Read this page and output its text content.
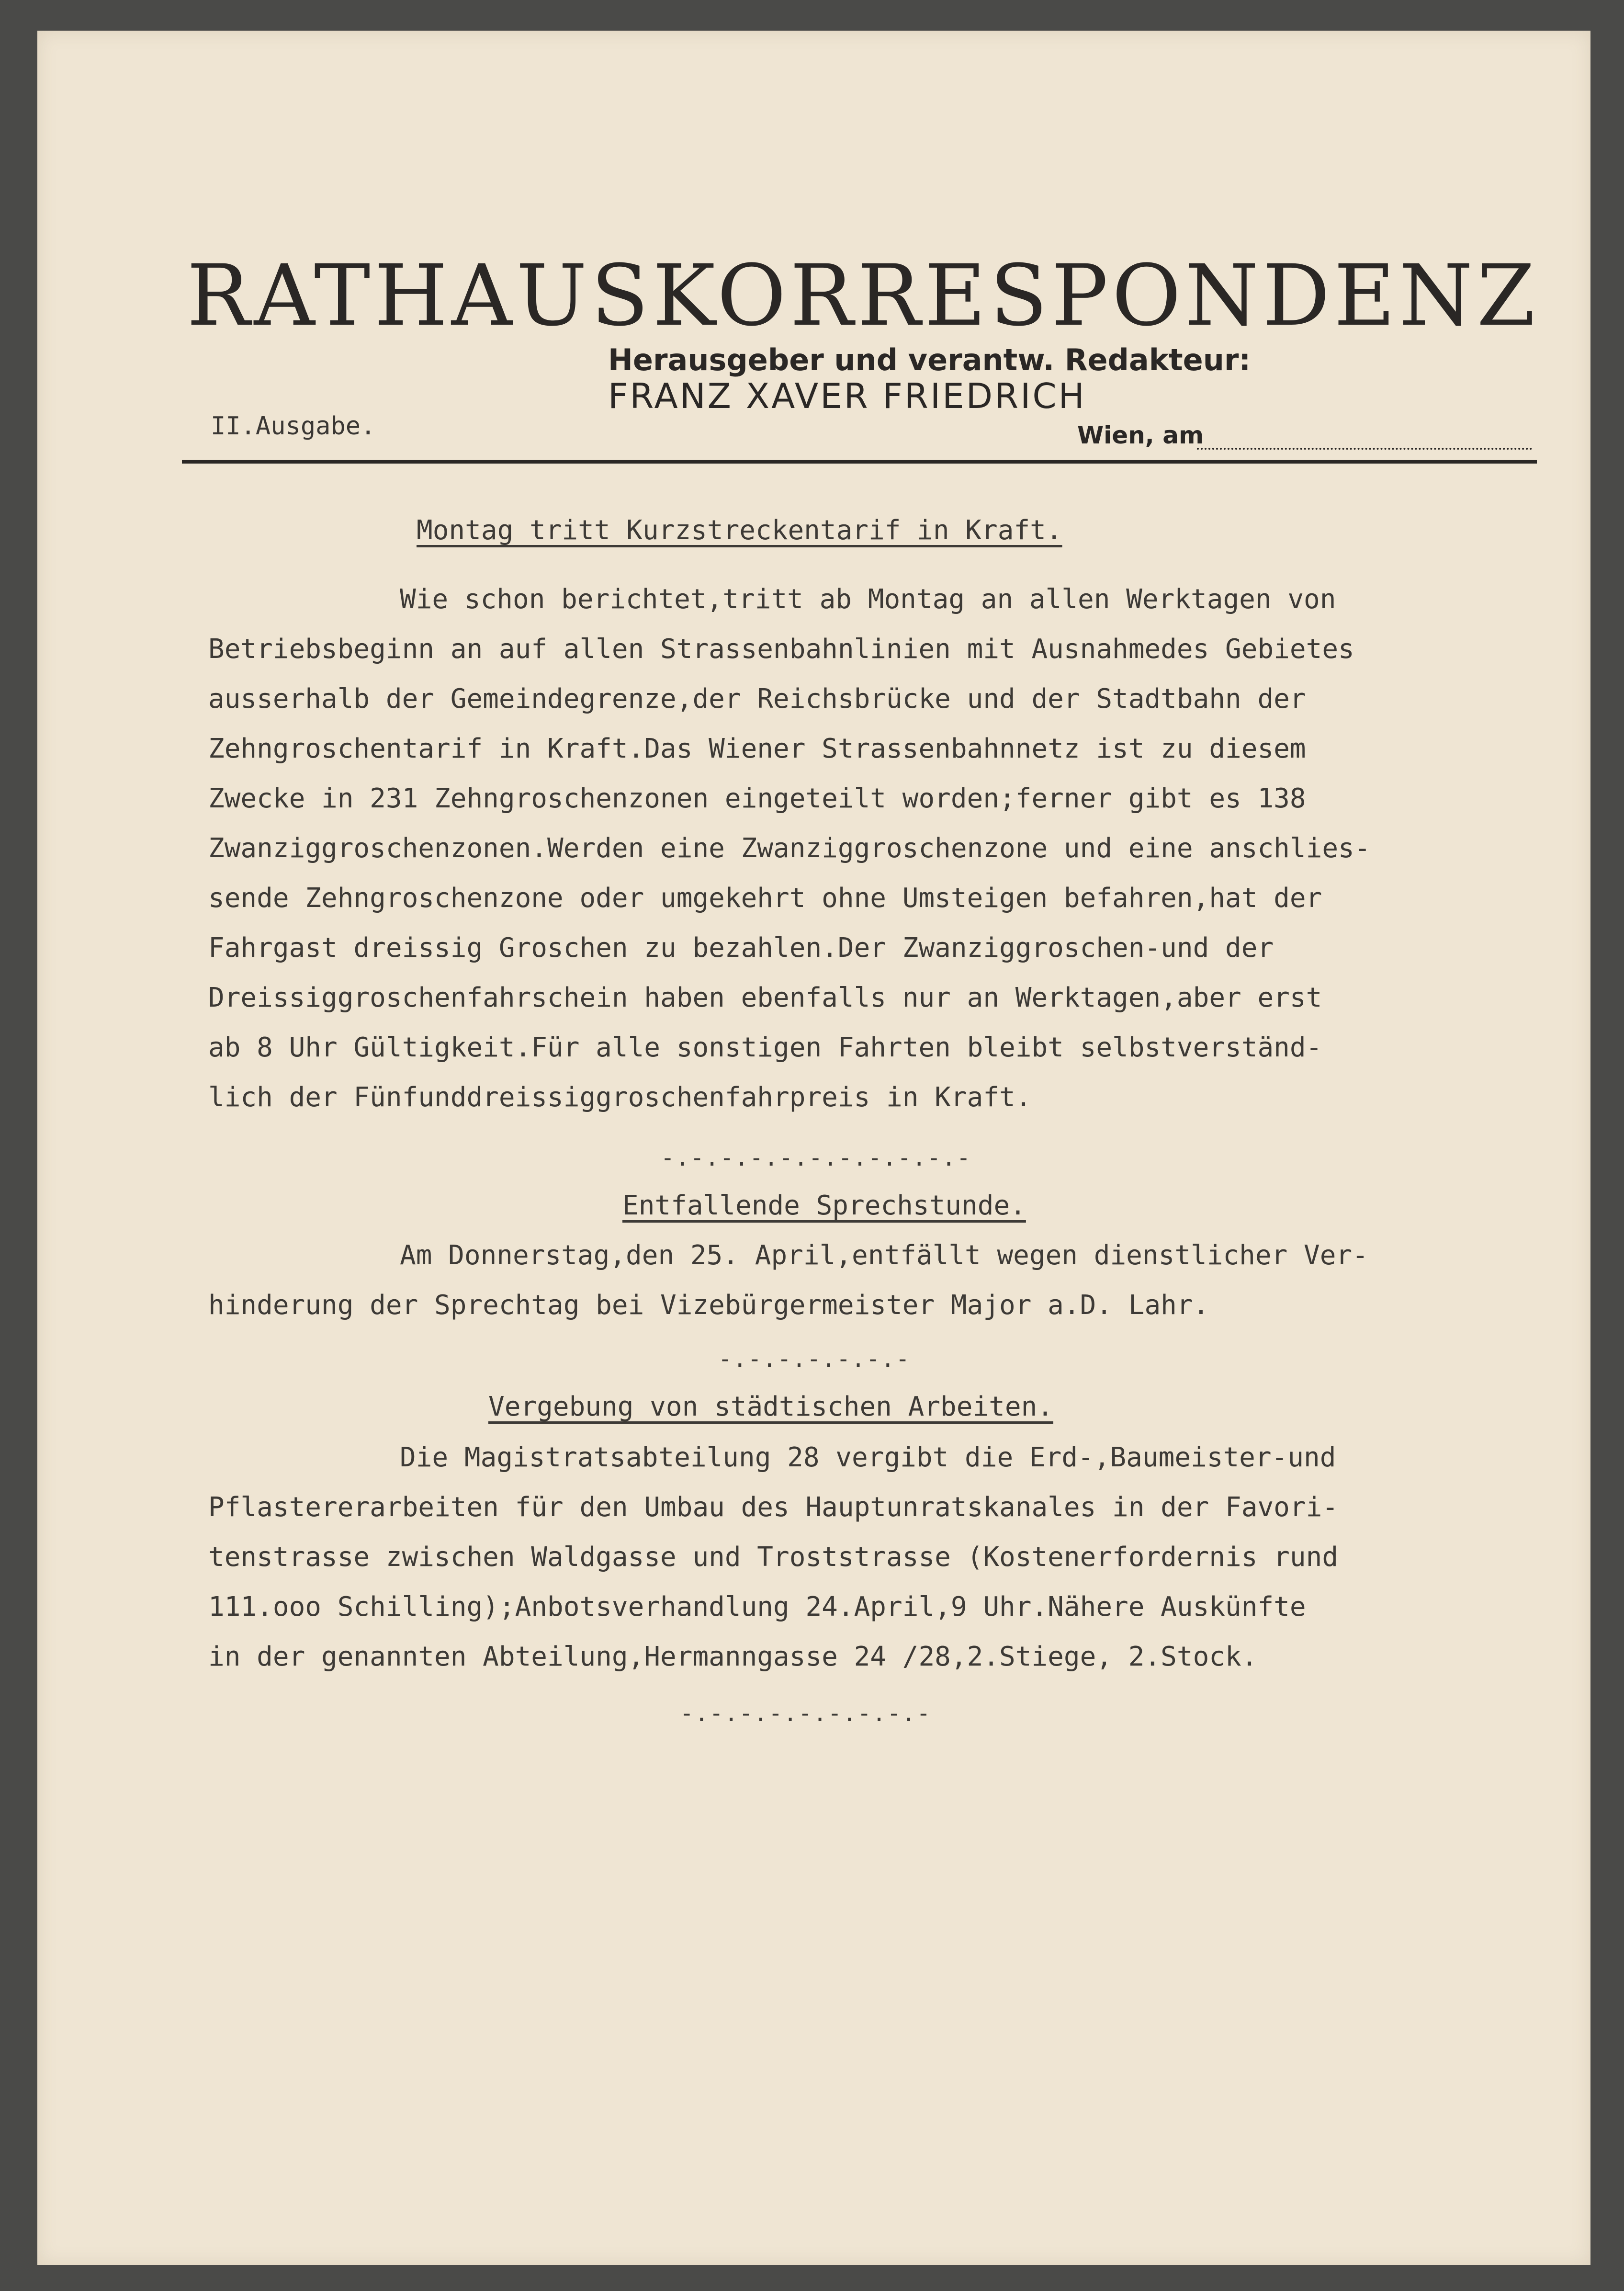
RATHAUSKORRESPONDENZ
Herausgeber und verantw. Redakteur:
FRANZ XAVER FRIEDRICH
II.Ausgabe.	Wien, am
Montag tritt Kurzstreckentarif in Kraft.
Wie schon berichtet,tritt ab Montag an allen Werktagen von
Betriebsbeginn an auf allen Strassenbahnlinien mit Ausnahmedes Gebietes
ausserhalb der Gemeindegrenze,der Reichsbrücke und der Stadtbahn der
Zehngroschentarif in Kraft.Das Wiener Strassenbahnnetz ist zu diesem
Zwecke in 231 Zehngroschenzonen eingeteilt worden;ferner gibt es 138
Zwanziggroschenzonen.Werden eine Zwanziggroschenzone und eine anschlies-
sende Zehngroschenzone oder umgekehrt ohne Umsteigen befahren,hat der
Fahrgast dreissig Groschen zu bezahlen.Der Zwanziggroschen-und der
Dreissiggroschenfahrschein haben ebenfalls nur an Werktagen,aber erst
ab 8 Uhr Gültigkeit.Für alle sonstigen Fahrten bleibt selbstverständ-
lich der Fünfunddreissiggroschenfahrpreis in Kraft.
-.-.-.-.-.-.-.-.-.-.-
Entfallende Sprechstunde.
Am Donnerstag,den 25. April,entfällt wegen dienstlicher Ver-
hinderung der Sprechtag bei Vizebürgermeister Major a.D. Lahr.
-.-.-.-.-.-.-
Vergebung von städtischen Arbeiten.
Die Magistratsabteilung 28 vergibt die Erd-,Baumeister-und
Pflastererarbeiten für den Umbau des Hauptunratskanales in der Favori-
tenstrasse zwischen Waldgasse und Troststrasse (Kostenerfordernis rund
111.ooo Schilling);Anbotsverhandlung 24.April,9 Uhr.Nähere Auskünfte
in der genannten Abteilung,Hermanngasse 24 /28,2.Stiege, 2.Stock.
-.-.-.-.-.-.-.-.-
